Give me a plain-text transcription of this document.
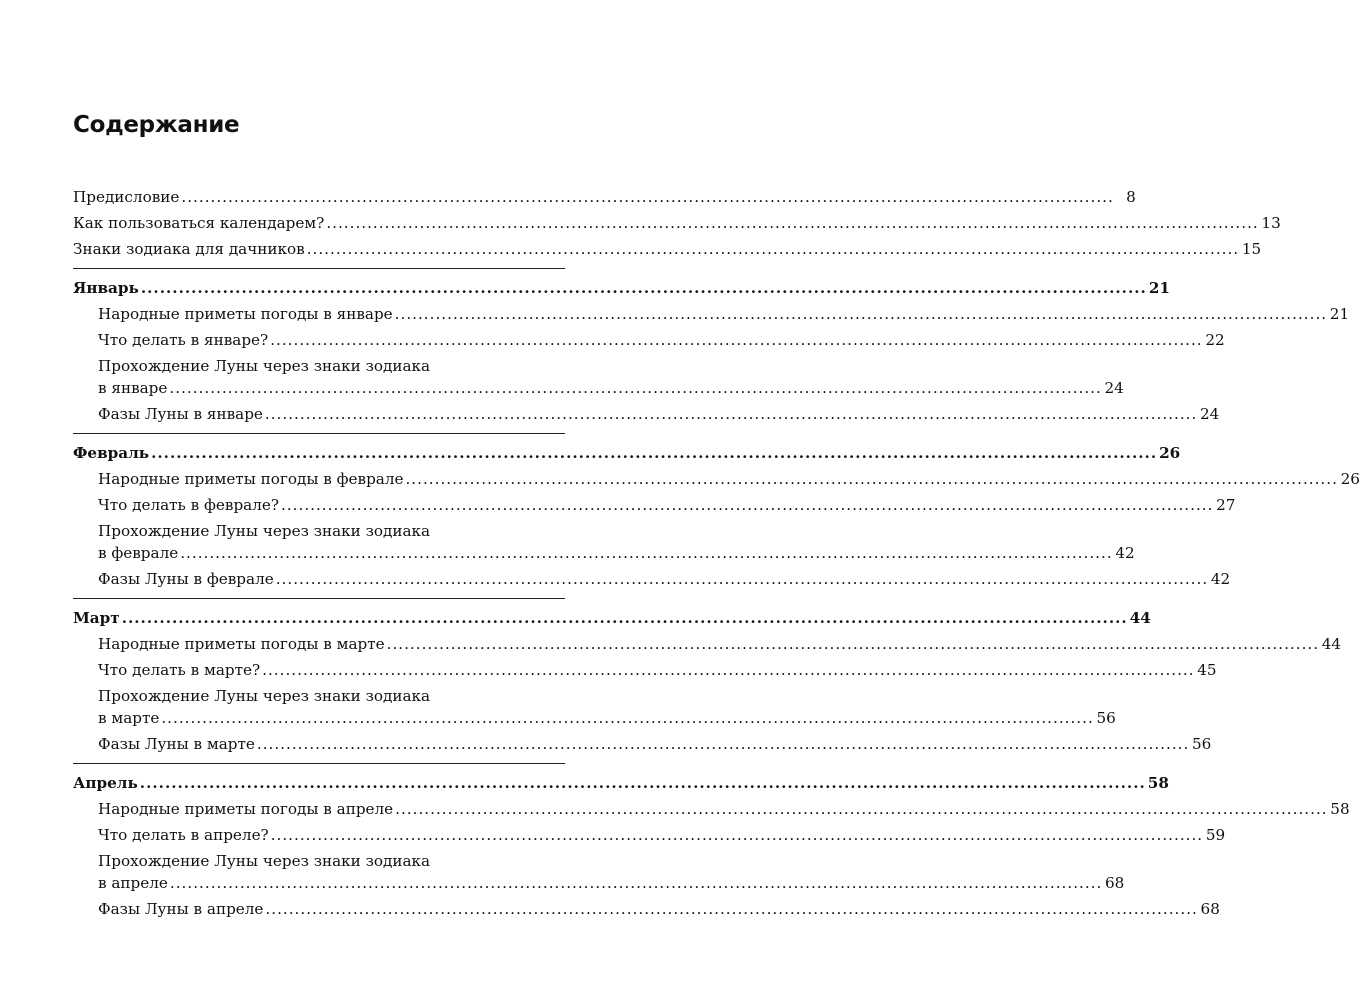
Содержание
Предисловие ................................................................................................................................................................ 8
Как пользоваться календарем? ................................................................................................................................................................ 13
Знаки зодиака для дачников ................................................................................................................................................................ 15
Январь ................................................................................................................................................................ 21
Народные приметы погоды в январе ................................................................................................................................................................ 21
Что делать в январе? ................................................................................................................................................................ 22
Прохождение Луны через знаки зодиака
в январе ................................................................................................................................................................ 24
Фазы Луны в январе ................................................................................................................................................................ 24
Февраль ................................................................................................................................................................ 26
Народные приметы погоды в феврале ................................................................................................................................................................ 26
Что делать в феврале? ................................................................................................................................................................ 27
Прохождение Луны через знаки зодиака
в феврале ................................................................................................................................................................ 42
Фазы Луны в феврале ................................................................................................................................................................ 42
Март ................................................................................................................................................................ 44
Народные приметы погоды в марте ................................................................................................................................................................ 44
Что делать в марте? ................................................................................................................................................................ 45
Прохождение Луны через знаки зодиака
в марте ................................................................................................................................................................ 56
Фазы Луны в марте ................................................................................................................................................................ 56
Апрель ................................................................................................................................................................ 58
Народные приметы погоды в апреле ................................................................................................................................................................ 58
Что делать в апреле? ................................................................................................................................................................ 59
Прохождение Луны через знаки зодиака
в апреле ................................................................................................................................................................ 68
Фазы Луны в апреле ................................................................................................................................................................ 68
